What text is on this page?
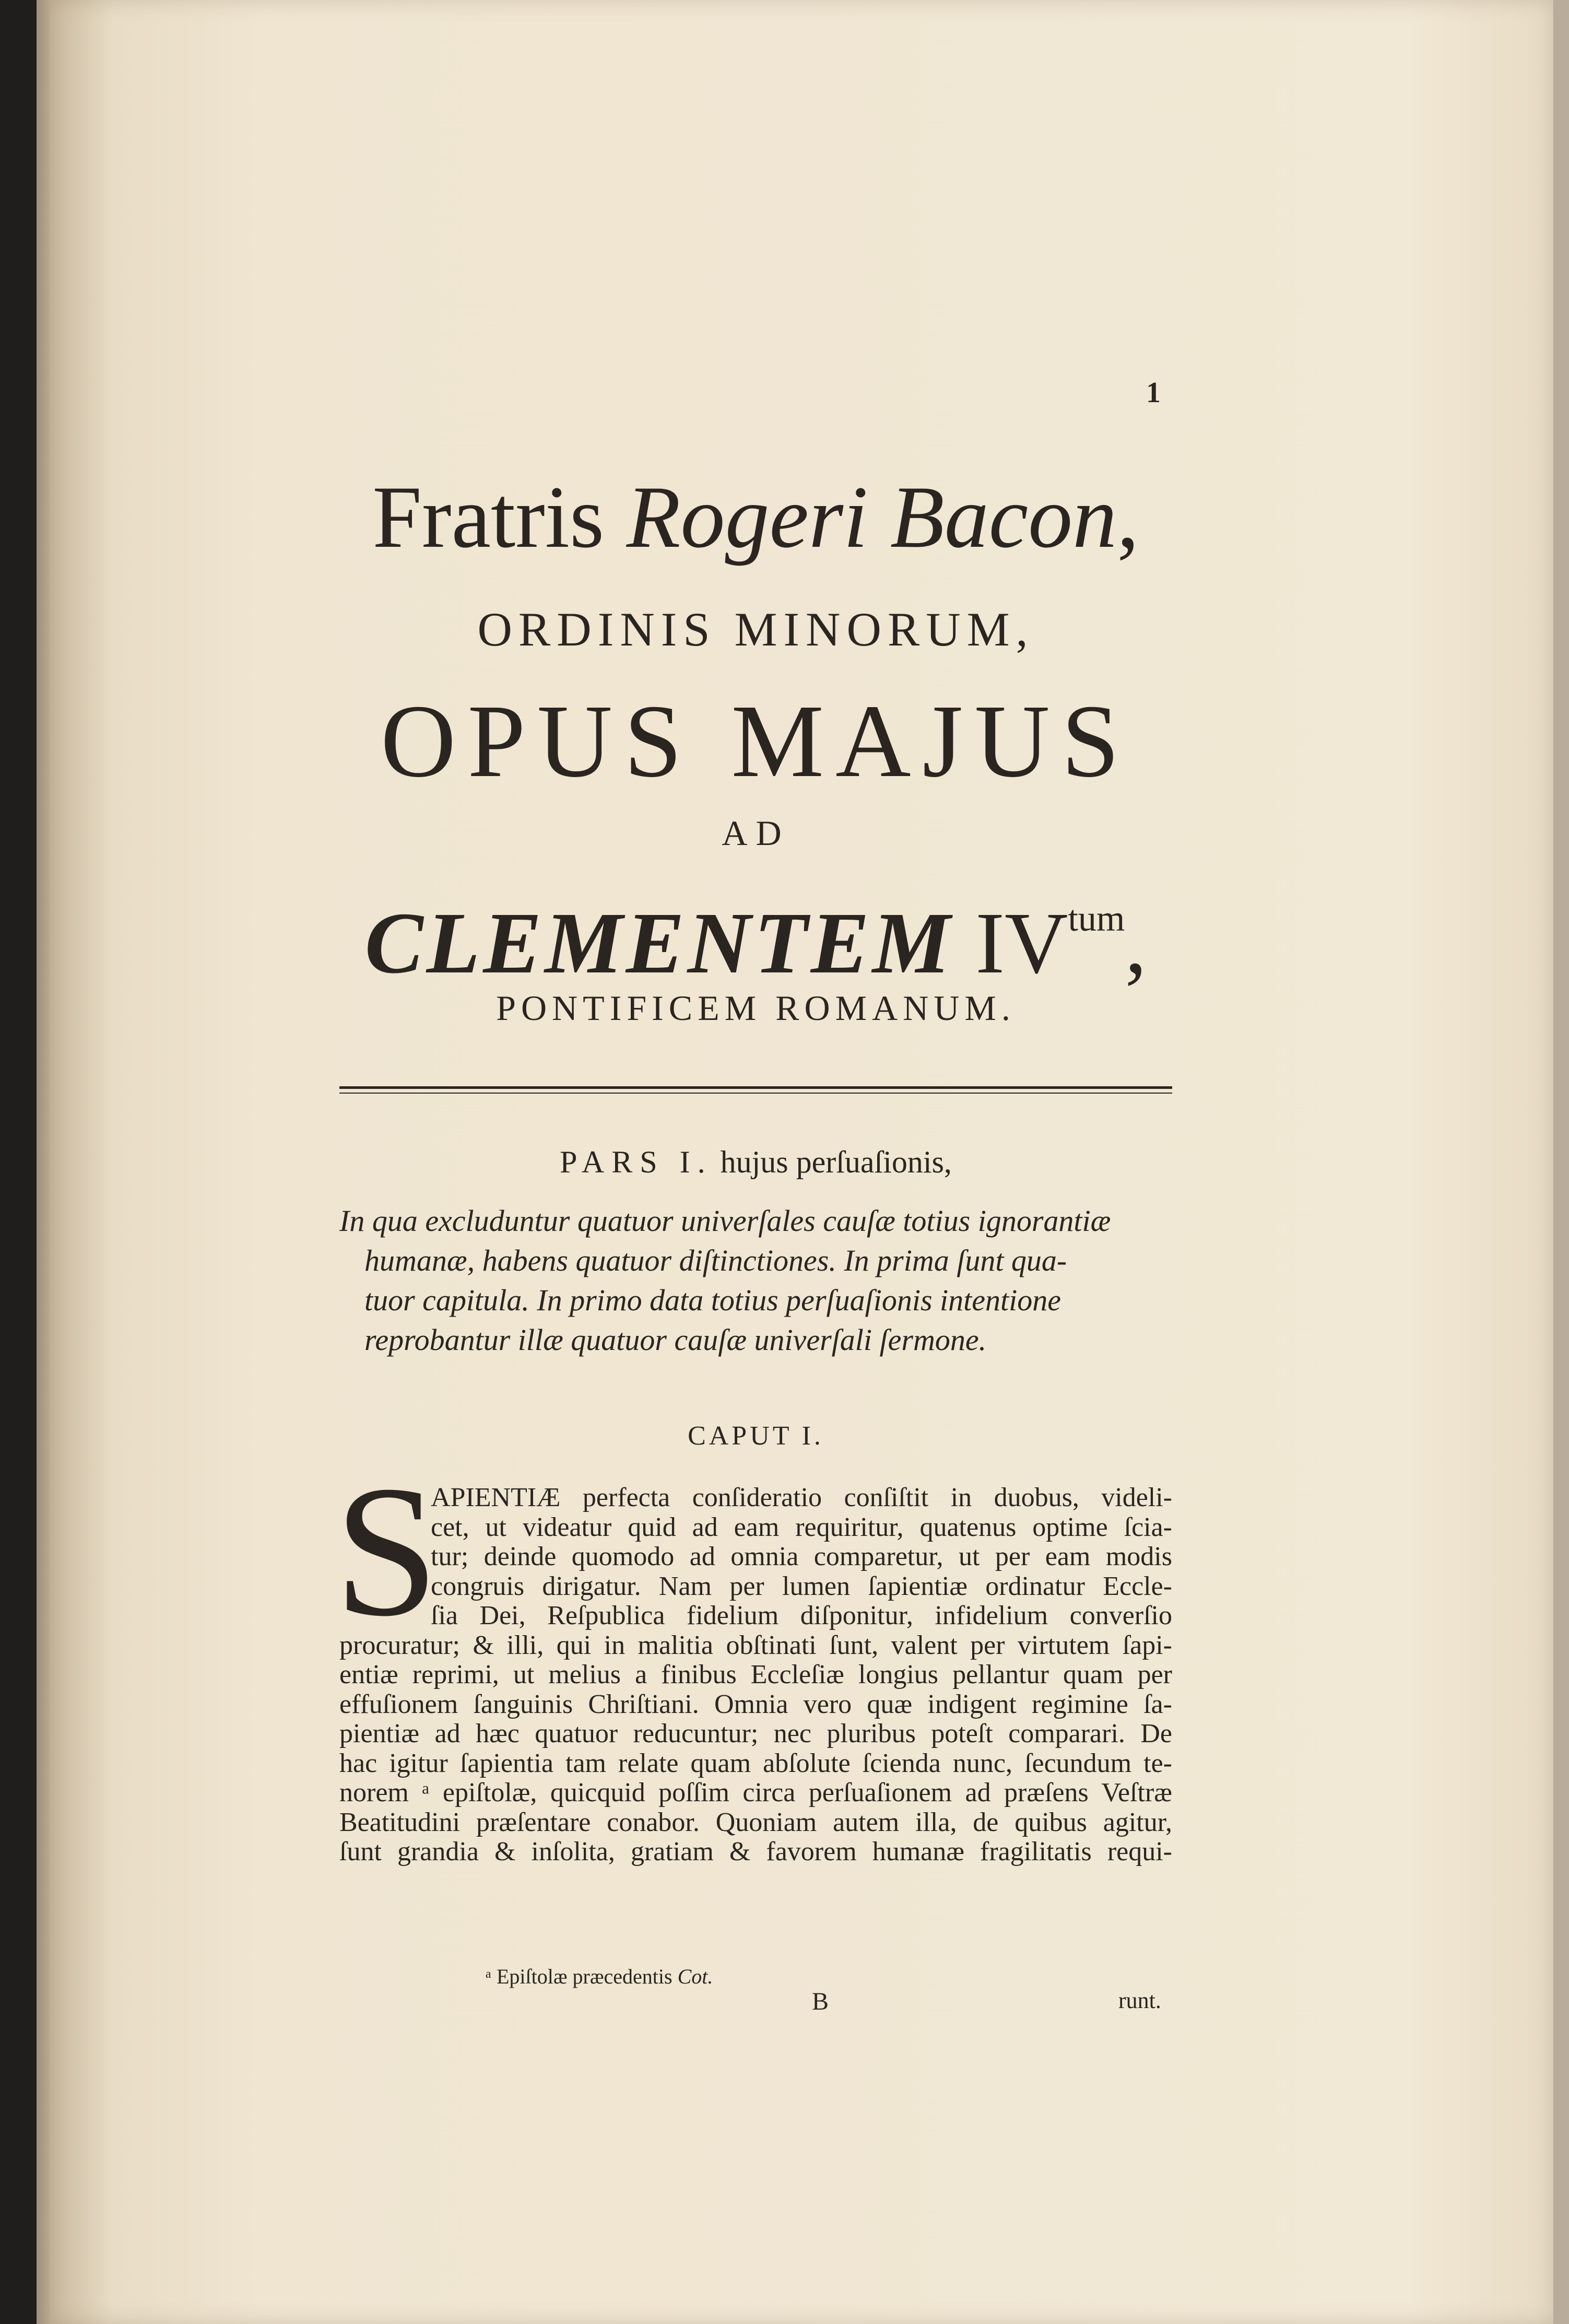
1
Fratris Rogeri Bacon,
ORDINIS MINORUM,
OPUS MAJUS
AD
CLEMENTEM $IV^{tum}$,
PONTIFICEM ROMANUM.
PARS I. hujus perſuaſionis,
In qua excluduntur quatuor univerſales cauſæ totius ignorantiæ
humanæ, habens quatuor diſtinctiones. In prima ſunt qua-
tuor capitula. In primo data totius perſuaſionis intentione
reprobantur illæ quatuor cauſæ univerſali ſermone.
CAPUT I.
S
APIENTIÆ perfecta conſideratio conſiſtit in duobus, videli-
cet, ut videatur quid ad eam requiritur, quatenus optime ſcia-
tur; deinde quomodo ad omnia comparetur, ut per eam modis
congruis dirigatur. Nam per lumen ſapientiæ ordinatur Eccle-
ſia Dei, Reſpublica fidelium diſponitur, infidelium converſio
procuratur; & illi, qui in malitia obſtinati ſunt, valent per virtutem ſapi-
entiæ reprimi, ut melius a finibus Eccleſiæ longius pellantur quam per
effuſionem ſanguinis Chriſtiani. Omnia vero quæ indigent regimine ſa-
pientiæ ad hæc quatuor reducuntur; nec pluribus poteſt comparari. De
hac igitur ſapientia tam relate quam abſolute ſcienda nunc, ſecundum te-
norem ᵃ epiſtolæ, quicquid poſſim circa perſuaſionem ad præſens Veſtræ
Beatitudini præſentare conabor. Quoniam autem illa, de quibus agitur,
ſunt grandia & inſolita, gratiam & favorem humanæ fragilitatis requi-
ᵃ Epiſtolæ præcedentis Cot.
B	runt.
